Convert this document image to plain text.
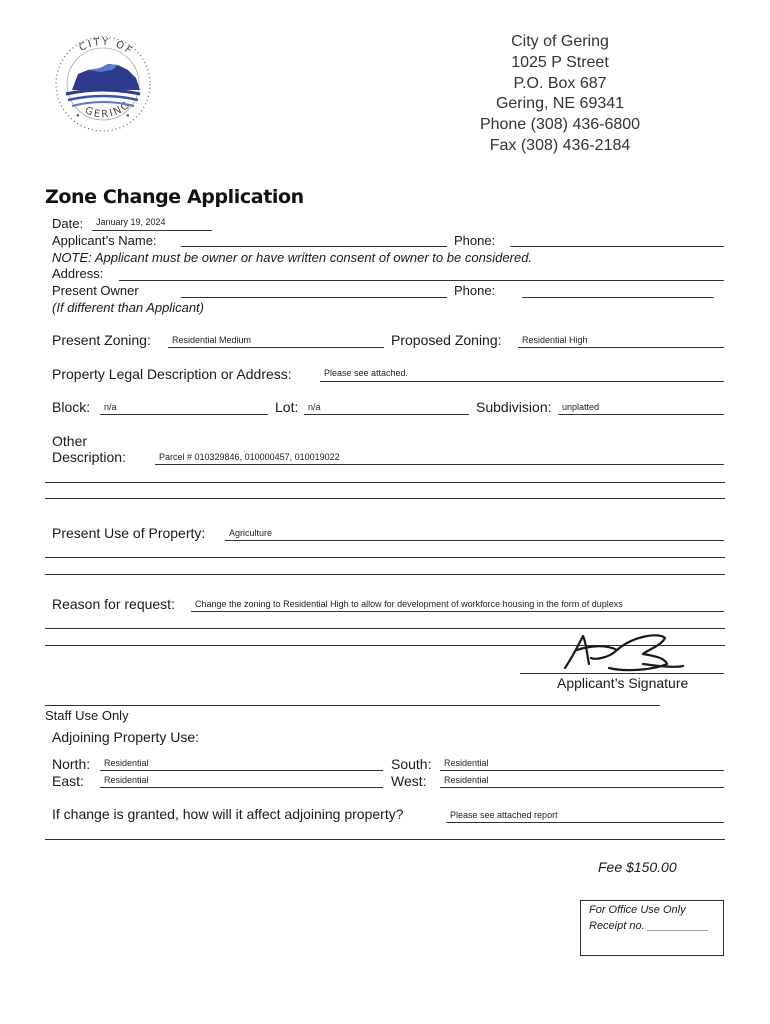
CITY OF
GERING
●	●
City of Gering
1025 P Street
P.O. Box 687
Gering, NE 69341
Phone (308) 436-6800
Fax (308) 436-2184
Zone Change Application
Date: January 19, 2024
Applicant’s Name:	Phone:
NOTE: Applicant must be owner or have written consent of owner to be considered.
Address:
Present Owner	Phone:
(If different than Applicant)
Present Zoning: Residential Medium	Proposed Zoning: Residential High
Property Legal Description or Address:	Please see attached.
Block: n/a	Lot: n/a	Subdivision: unplatted
Other
Description:	Parcel # 010329846, 010000457, 010019022
Present Use of Property:	Agriculture
Reason for request: Change the zoning to Residential High to allow for development of workforce housing in the form of duplexs
Applicant’s Signature
Staff Use Only
Adjoining Property Use:
North: Residential	South: Residential
East: Residential	West: Residential
If change is granted, how will it affect adjoining property?	Please see attached report
Fee $150.00
For Office Use Only
Receipt no. __________
